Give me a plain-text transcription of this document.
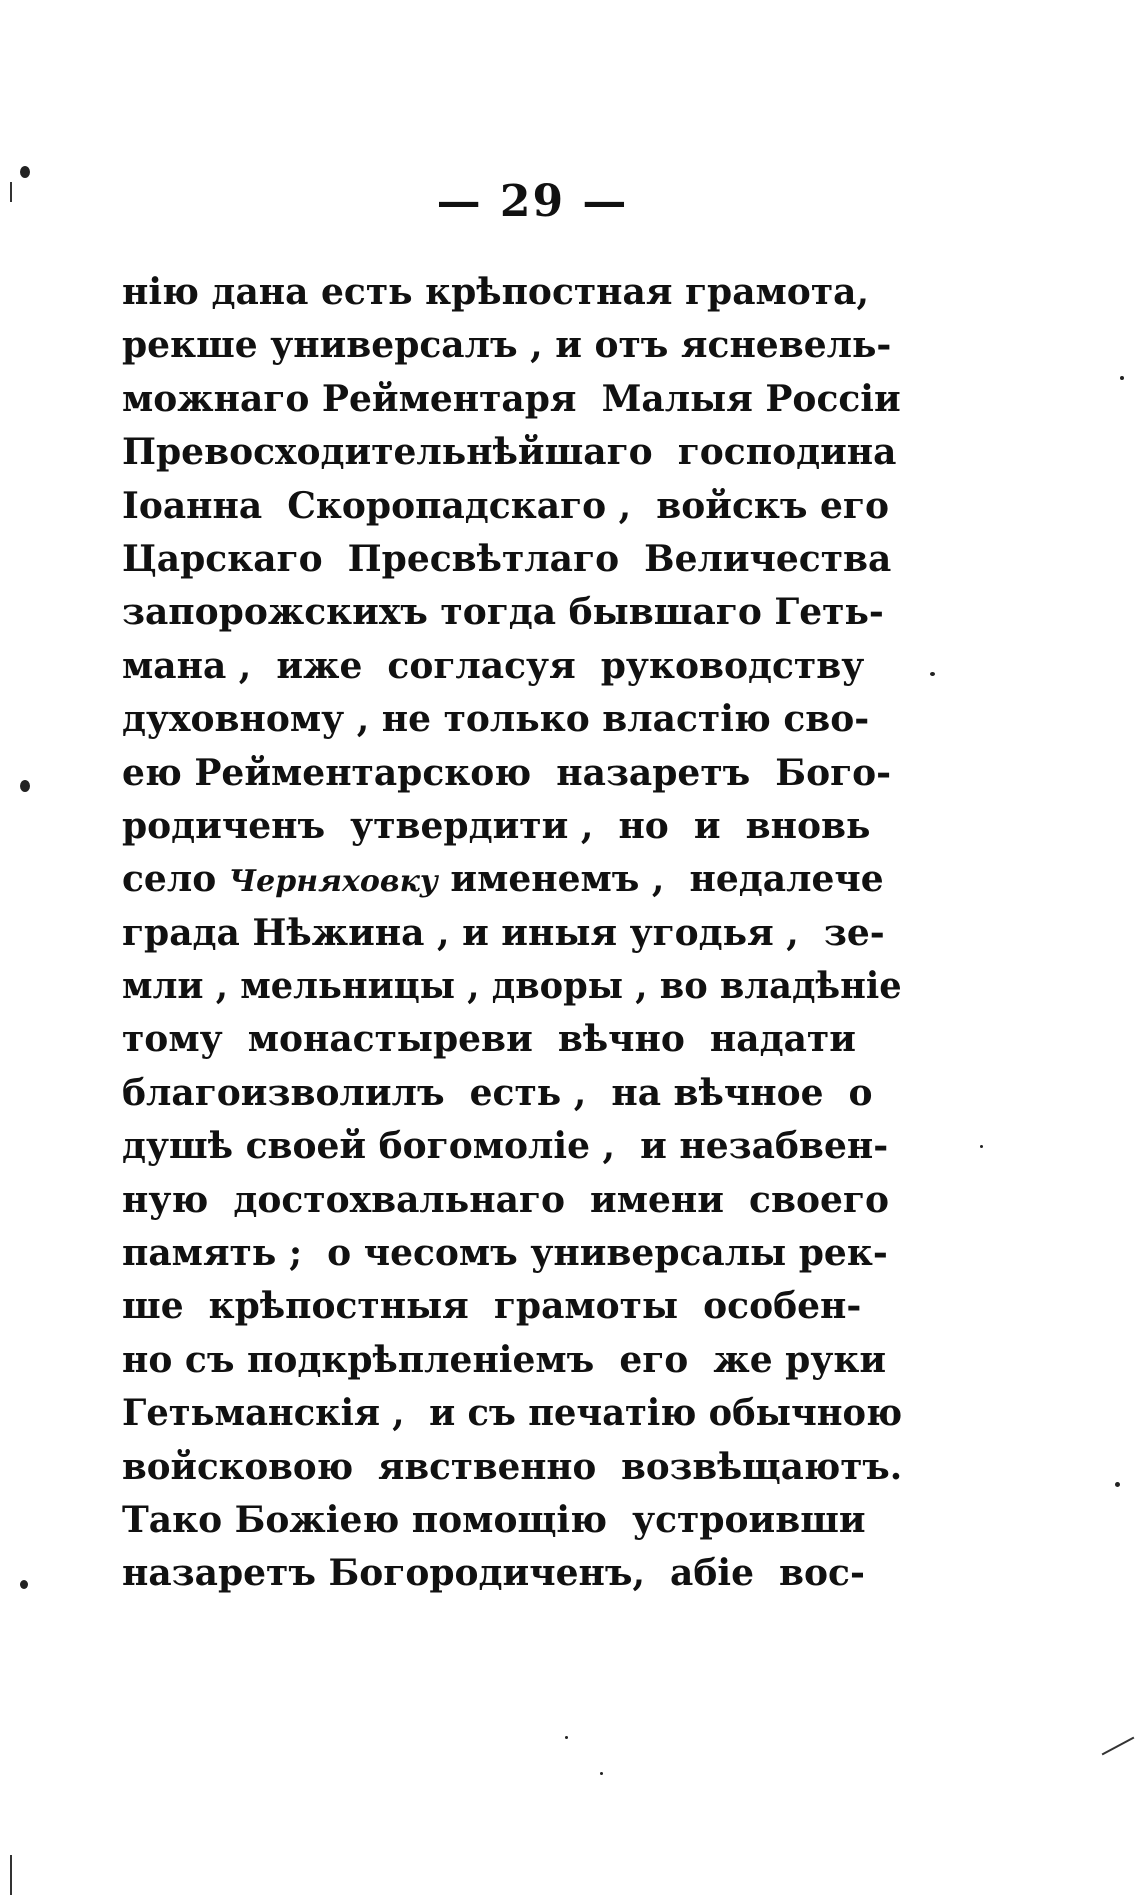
— 29 —
нію дана есть крѣпостная грамота,
рекше универсалъ , и отъ ясневель-
можнаго Рейментаря  Малыя Россіи
Превосходительнѣйшаго  господина
Іоанна  Скоропадскаго ,  войскъ его
Царскаго  Пресвѣтлаго  Величества
запорожскихъ тогда бывшаго Геть-
мана ,  иже  согласуя  руководству
духовному , не только властію сво-
ею Рейментарскою  назаретъ  Бого-
родиченъ  утвердити ,  но  и  вновь
село Черняховку именемъ ,  недалече
града Нѣжина , и иныя угодья ,  зе-
мли , мельницы , дворы , во владѣніе
тому  монастыреви  вѣчно  надати
благоизволилъ  есть ,  на вѣчное  о
душѣ своей богомоліе ,  и незабвен-
ную  достохвальнаго  имени  своего
память ;  о чесомъ универсалы рек-
ше  крѣпостныя  грамоты  особен-
но съ подкрѣпленіемъ  его  же руки
Гетьманскія ,  и съ печатію обычною
войсковою  явственно  возвѣщаютъ.
Тако Божіею помощію  устроивши
назаретъ Богородиченъ,  абіе  вос-
